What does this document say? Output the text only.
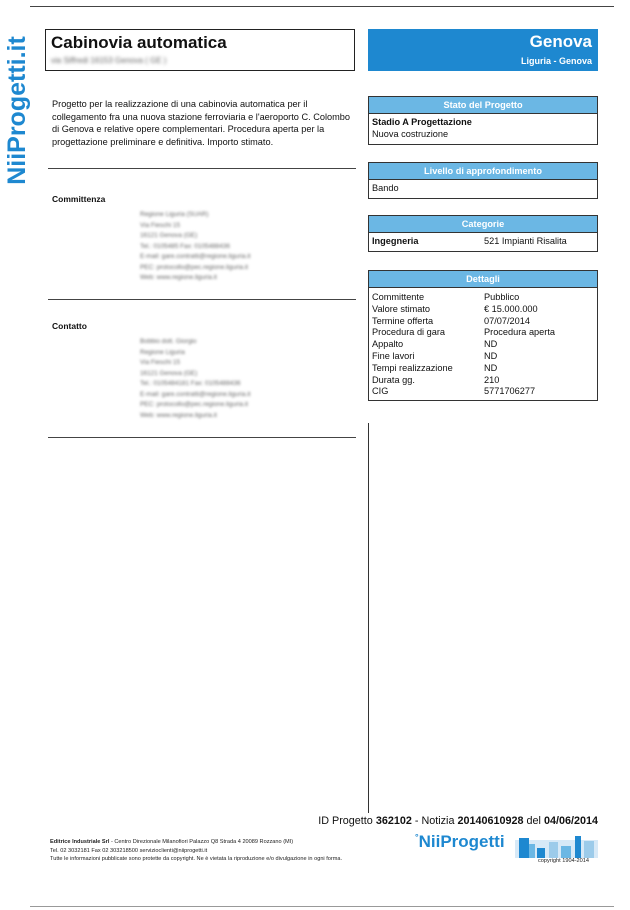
NiiProgetti.it Cabinovia automatica
via Siffredi 16153 Genova ( GE )
Genova
Liguria - Genova
Progetto per la realizzazione di una cabinovia automatica per il collegamento fra una nuova stazione ferroviaria e l'aeroporto C. Colombo di Genova e relative opere complementari. Procedura aperta per la progettazione preliminare e definitiva. Importo stimato.
Committenza
Regione Liguria (SUAR)
Via Fieschi 15
16121 Genova (GE)
Tel.: 0105485 Fax: 0105488436
E-mail: gare.contratti@regione.liguria.it
PEC: protocollo@pec.regione.liguria.it
Web: www.regione.liguria.it
Contatto
Bobbio dott. Giorgio
Regione Liguria
Via Fieschi 15
16121 Genova (GE)
Tel.: 0105484181 Fax: 0105488436
E-mail: gare.contratti@regione.liguria.it
PEC: protocollo@pec.regione.liguria.it
Web: www.regione.liguria.it
Stato del Progetto
Stadio A Progettazione
Nuova costruzione
Livello di approfondimento
Bando
Categorie
Ingegneria	521 Impianti Risalita
Dettagli
Committente	Pubblico
Valore stimato	€ 15.000.000
Termine offerta	07/07/2014
Procedura di gara	Procedura aperta
Appalto	ND
Fine lavori	ND
Tempi realizzazione	ND
Durata gg.	210
CIG	5771706277
ID Progetto 362102 - Notizia 20140610928 del 04/06/2014
Editrice Industriale Srl - Centro Direzionale Milanofiori Palazzo Q8 Strada 4 20089 Rozzano (MI)
Tel. 02 3032181 Fax 02 303218500 servizioclienti@niiprogetti.it
Tutte le informazioni pubblicate sono protette da copyright. Ne è vietata la riproduzione e/o divulgazione in ogni forma.
°NiiProgetti
copyright 1904-2014
